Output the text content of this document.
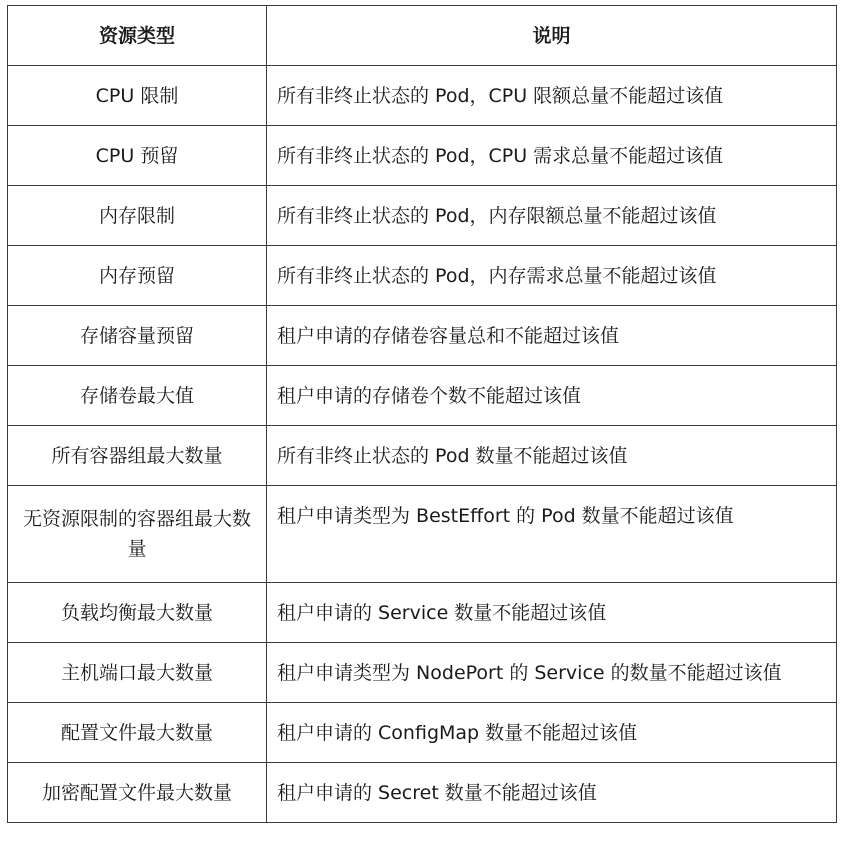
资源类型	说明
CPU 限制	所有非终止状态的 Pod，CPU 限额总量不能超过该值
CPU 预留	所有非终止状态的 Pod，CPU 需求总量不能超过该值
内存限制	所有非终止状态的 Pod，内存限额总量不能超过该值
内存预留	所有非终止状态的 Pod，内存需求总量不能超过该值
存储容量预留	租户申请的存储卷容量总和不能超过该值
存储卷最大值	租户申请的存储卷个数不能超过该值
所有容器组最大数量	所有非终止状态的 Pod 数量不能超过该值
无资源限制的容器组最大数量	租户申请类型为 BestEffort 的 Pod 数量不能超过该值
负载均衡最大数量	租户申请的 Service 数量不能超过该值
主机端口最大数量	租户申请类型为 NodePort 的 Service 的数量不能超过该值
配置文件最大数量	租户申请的 ConfigMap 数量不能超过该值
加密配置文件最大数量	租户申请的 Secret 数量不能超过该值
